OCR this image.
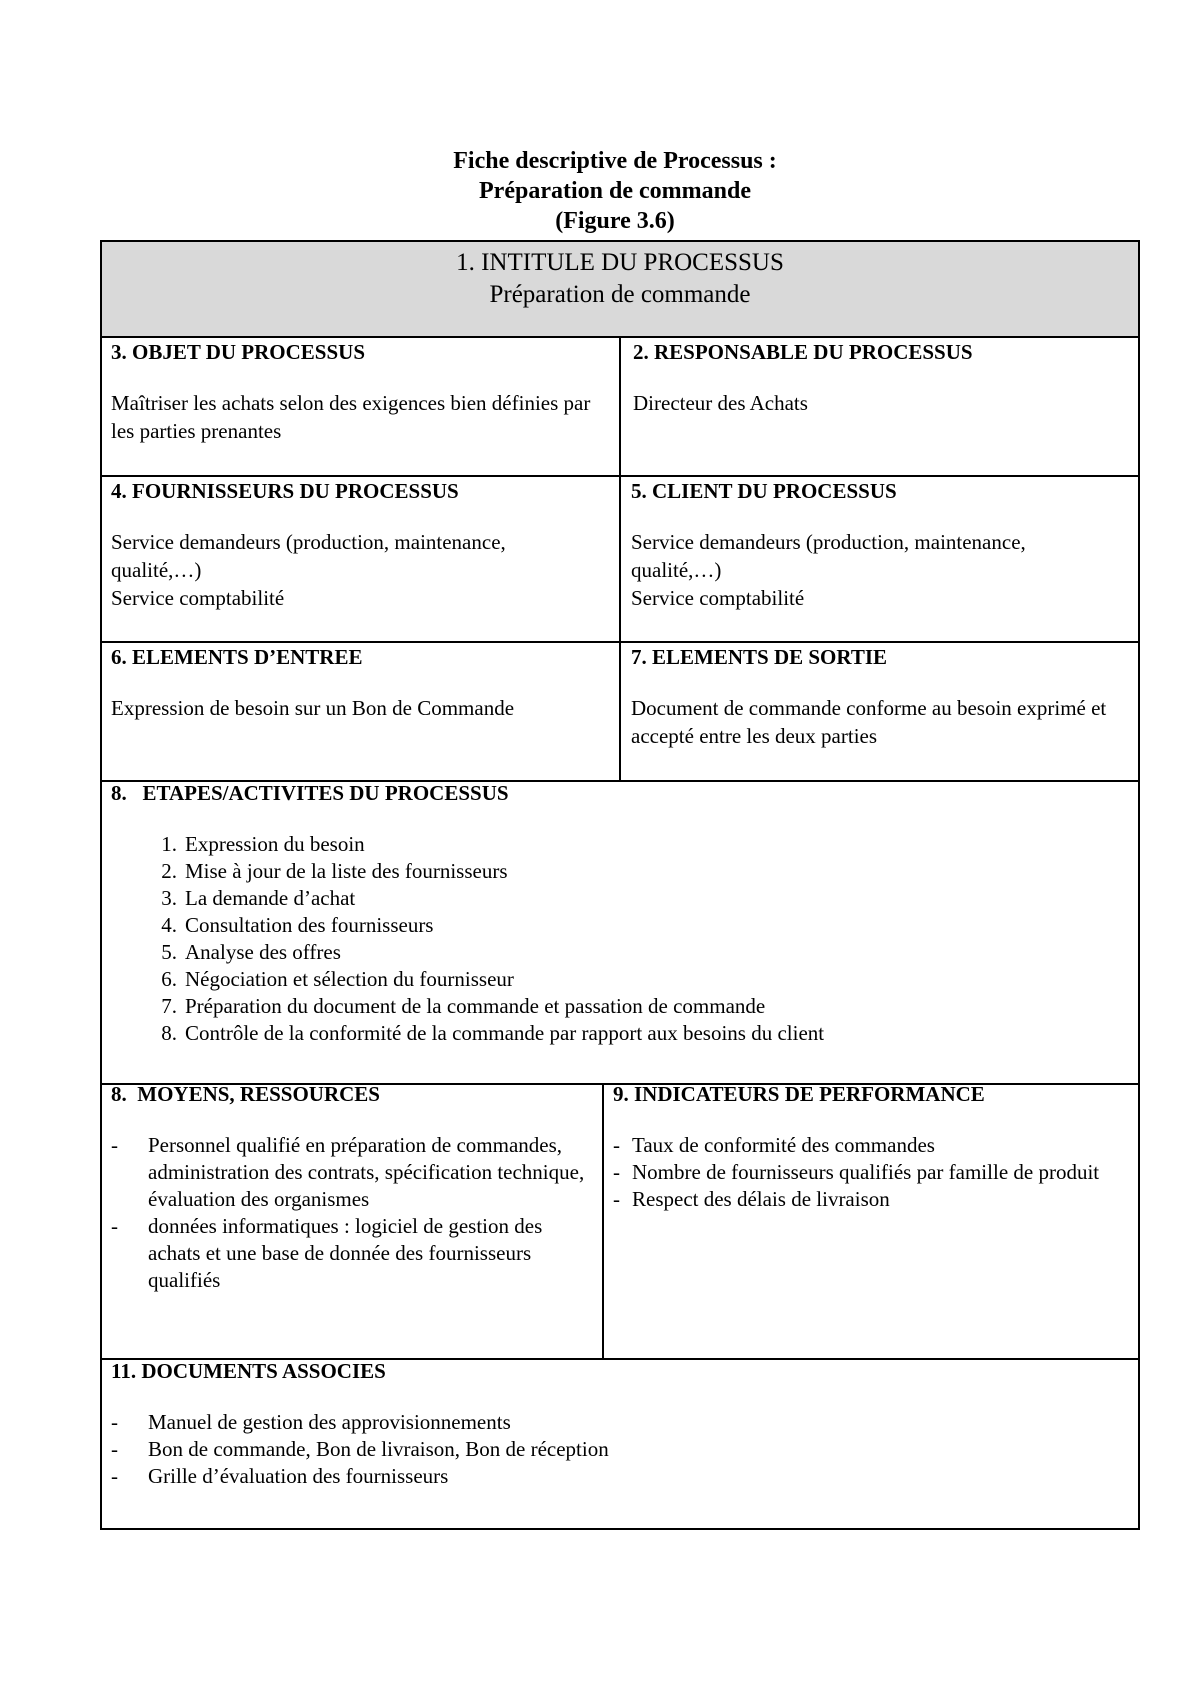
Fiche descriptive de Processus :
Préparation de commande
(Figure 3.6)
1. INTITULE DU PROCESSUS
Préparation de commande
3. OBJET DU PROCESSUS

Maîtriser les achats selon des exigences bien définies par les parties prenantes

2. RESPONSABLE DU PROCESSUS

Directeur des Achats

4. FOURNISSEURS DU PROCESSUS

Service demandeurs (production, maintenance, qualité,…)

Service comptabilité

5. CLIENT DU PROCESSUS

Service demandeurs (production, maintenance, qualité,…)

Service comptabilité

6. ELEMENTS D’ENTREE

Expression de besoin sur un Bon de Commande

7. ELEMENTS DE SORTIE

Document de commande conforme au besoin exprimé et accepté entre les deux parties

8.   ETAPES/ACTIVITES DU PROCESSUS
1. Expression du besoin
2. Mise à jour de la liste des fournisseurs
3. La demande d’achat
4. Consultation des fournisseurs
5. Analyse des offres
6. Négociation et sélection du fournisseur
7. Préparation du document de la commande et passation de commande
8. Contrôle de la conformité de la commande par rapport aux besoins du client
8.  MOYENS, RESSOURCES
- Personnel qualifié en préparation de commandes, administration des contrats, spécification technique, évaluation des organismes
- données informatiques : logiciel de gestion des achats et une base de donnée des fournisseurs qualifiés
9. INDICATEURS DE PERFORMANCE
- Taux de conformité des commandes
- Nombre de fournisseurs qualifiés par famille de produit
- Respect des délais de livraison
11. DOCUMENTS ASSOCIES
- Manuel de gestion des approvisionnements
- Bon de commande, Bon de livraison, Bon de réception
- Grille d’évaluation des fournisseurs
